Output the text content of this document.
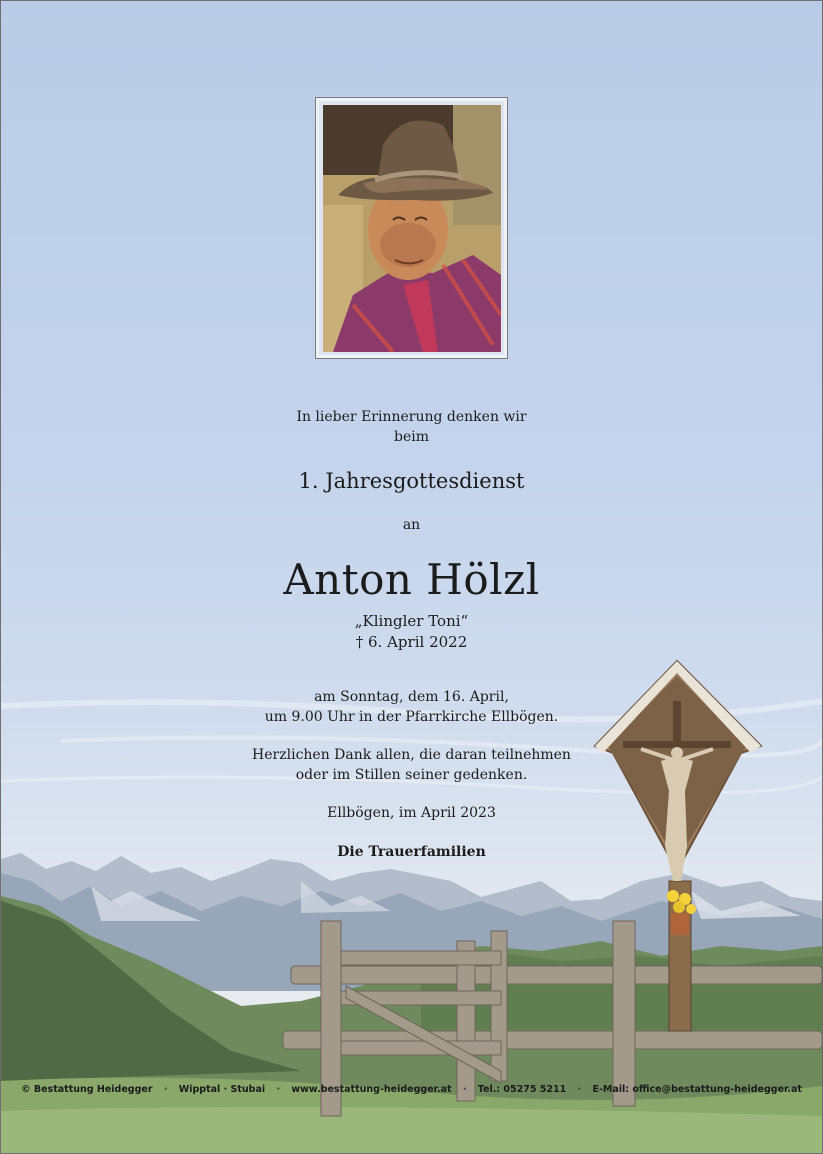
In lieber Erinnerung denken wir
beim

1. Jahresgottesdienst

an

Anton Hölzl

„Klingler Toni“

† 6. April 2022

am Sonntag, dem 16. April,
um 9.00 Uhr in der Pfarrkirche Ellbögen.

Herzlichen Dank allen, die daran teilnehmen
oder im Stillen seiner gedenken.

Ellbögen, im April 2023

Die Trauerfamilien

© Bestattung Heidegger · Wipptal · Stubai · www.bestattung-heidegger.at · Tel.: 05275 5211 · E-Mail: office@bestattung-heidegger.at
